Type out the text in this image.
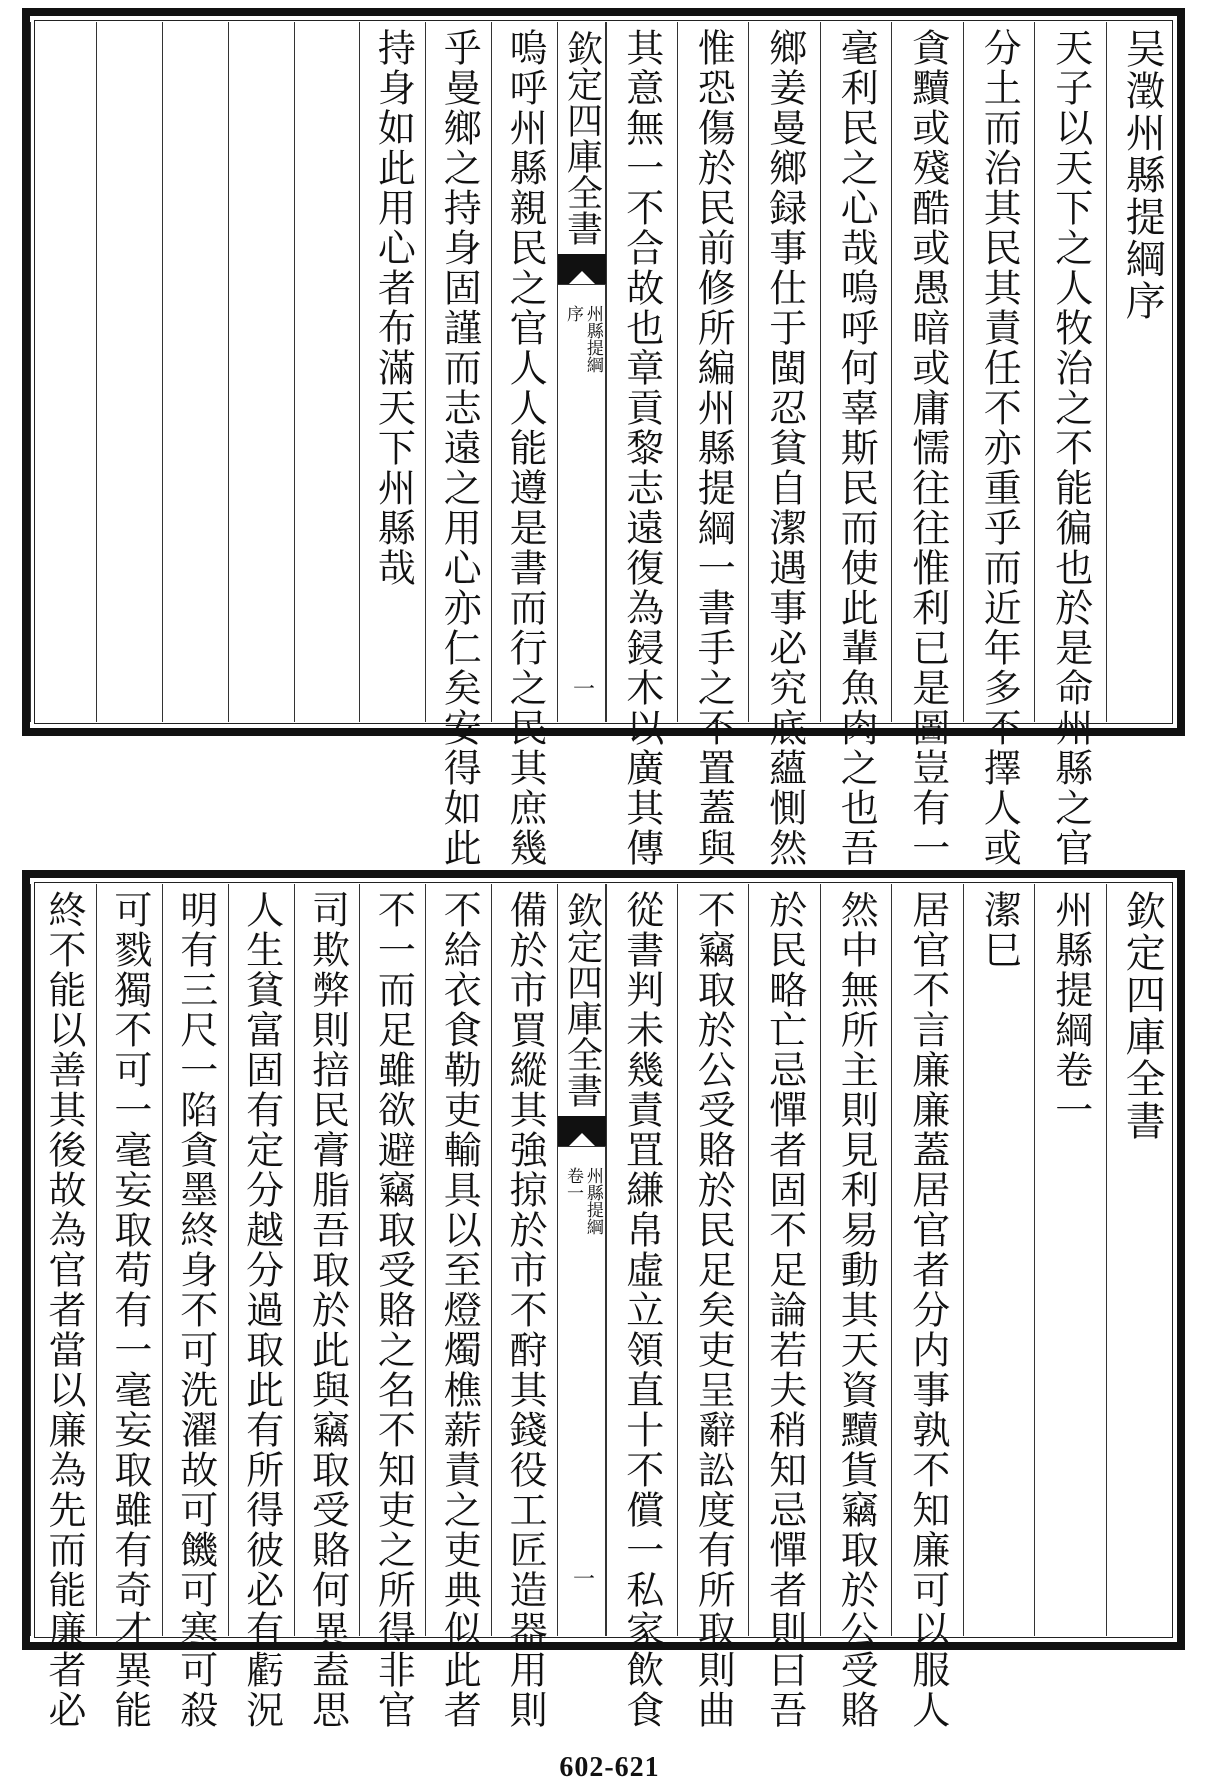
吴澂州縣提綱序
天子以天下之人牧治之不能徧也於是命州縣之官
分土而治其民其責任不亦重乎而近年多不擇人或
貪黷或殘酷或愚暗或庸懦往往惟利已是圖豈有一
毫利民之心哉嗚呼何辜斯民而使此輩魚肉之也吾
鄉姜曼鄉録事仕于閩忍貧自潔遇事必究底蘊惻然
惟恐傷於民前修所編州縣提綱一書手之不置蓋與
其意無一不合故也章貢黎志遠復為鋟木以廣其傳
嗚呼州縣親民之官人人能遵是書而行之民其庶幾
乎曼鄉之持身固謹而志遠之用心亦仁矣安得如此
持身如此用心者布滿天下州縣哉	欽定四庫全書
州縣提綱
序
一
欽定四庫全書
州縣提綱卷一
潔巳
居官不言廉廉蓋居官者分内事孰不知廉可以服人
然中無所主則見利易動其天資黷貨竊取於公受賂
於民略亡忌憚者固不足論若夫稍知忌憚者則曰吾
不竊取於公受賂於民足矣吏呈辭訟度有所取則曲
從書判未幾責罝縑帛虛立領直十不償一私家飲食
備於市買縱其強掠於市不酧其錢役工匠造器用則
不給衣食勒吏輸具以至燈燭樵薪責之吏典似此者
不一而足雖欲避竊取受賂之名不知吏之所得非官
司欺弊則掊民膏脂吾取於此與竊取受賂何異盍思
人生貧富固有定分越分過取此有所得彼必有虧況
明有三尺一陷貪墨終身不可洗濯故可饑可寒可殺
可戮獨不可一毫妄取苟有一毫妄取雖有奇才異能
終不能以善其後故為官者當以廉為先而能廉者必	欽定四庫全書
州縣提綱
卷一
一
602-621
